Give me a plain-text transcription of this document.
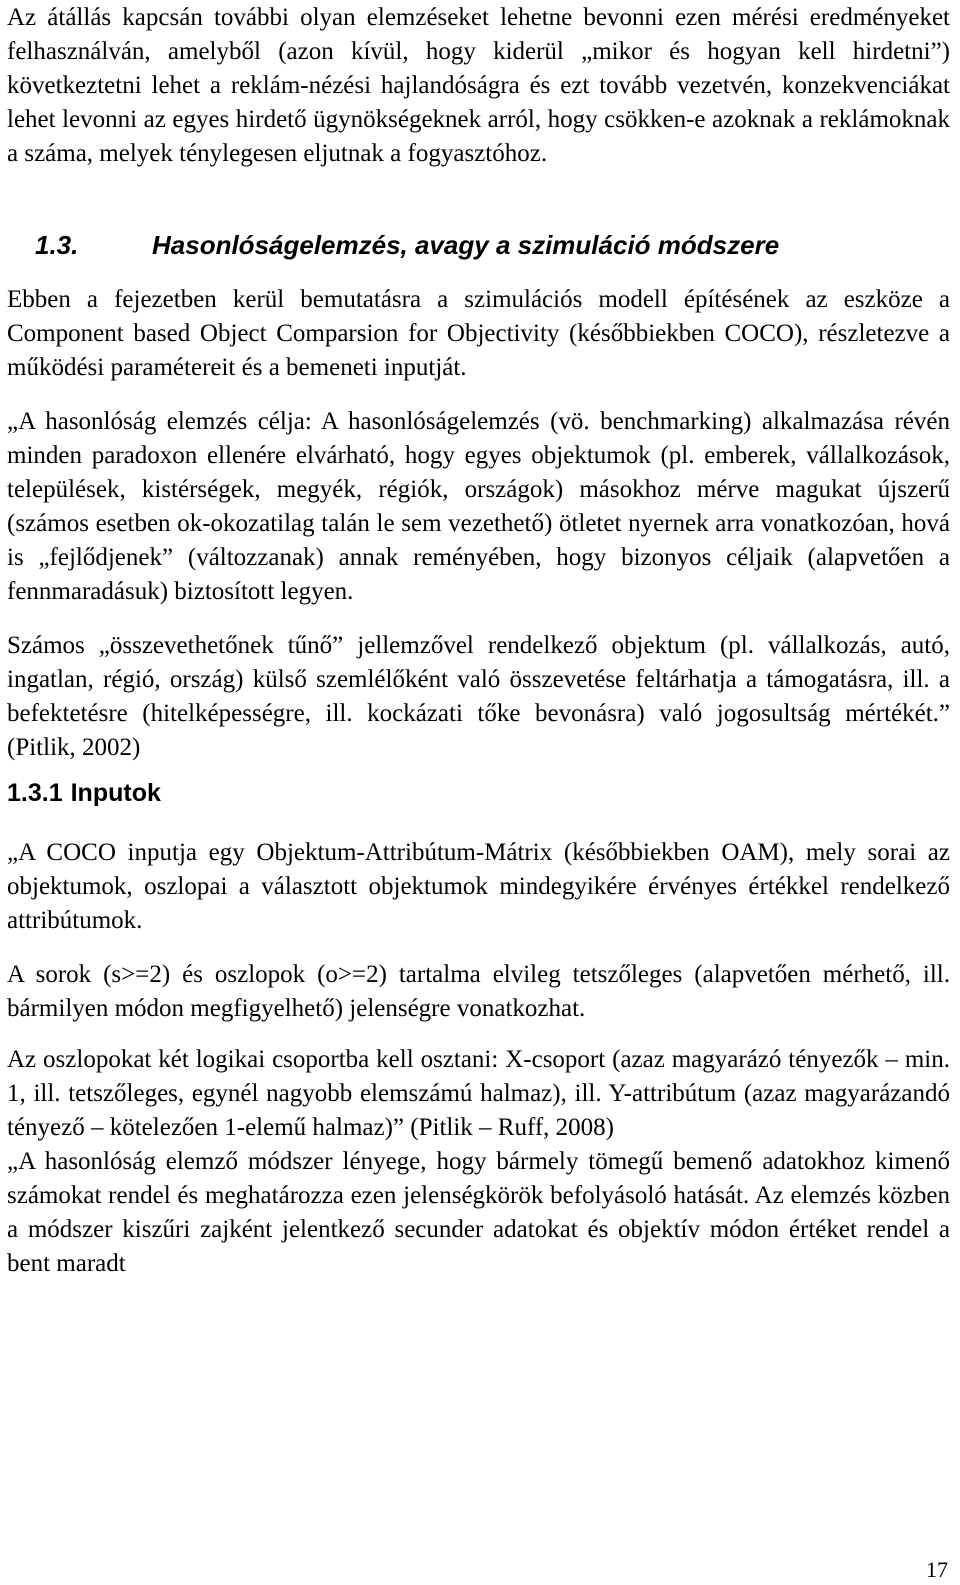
Az átállás kapcsán további olyan elemzéseket lehetne bevonni ezen mérési eredményeket felhasználván, amelyből (azon kívül, hogy kiderül „mikor és hogyan kell hirdetni”) következtetni lehet a reklám-nézési hajlandóságra és ezt tovább vezetvén, konzekvenciákat lehet levonni az egyes hirdető ügynökségeknek arról, hogy csökken-e azoknak a reklámoknak a száma, melyek ténylegesen eljutnak a fogyasztóhoz.

1.3.	Hasonlóságelemzés, avagy a szimuláció módszere

Ebben a fejezetben kerül bemutatásra a szimulációs modell építésének az eszköze a Component based Object Comparsion for Objectivity (későbbiekben COCO), részletezve a működési paramétereit és a bemeneti inputját.

„A hasonlóság elemzés célja: A hasonlóságelemzés (vö. benchmarking) alkalmazása révén minden paradoxon ellenére elvárható, hogy egyes objektumok (pl. emberek, vállalkozások, települések, kistérségek, megyék, régiók, országok) másokhoz mérve magukat újszerű (számos esetben ok-okozatilag talán le sem vezethető) ötletet nyernek arra vonatkozóan, hová is „fejlődjenek” (változzanak) annak reményében, hogy bizonyos céljaik (alapvetően a fennmaradásuk) biztosított legyen.

Számos „összevethetőnek tűnő” jellemzővel rendelkező objektum (pl. vállalkozás, autó, ingatlan, régió, ország) külső szemlélőként való összevetése feltárhatja a támogatásra, ill. a befektetésre (hitelképességre, ill. kockázati tőke bevonásra) való jogosultság mértékét.” (Pitlik, 2002)

1.3.1 Inputok

„A COCO inputja egy Objektum-Attribútum-Mátrix (későbbiekben OAM), mely sorai az objektumok, oszlopai a választott objektumok mindegyikére érvényes értékkel rendelkező attribútumok.

A sorok (s>=2) és oszlopok (o>=2) tartalma elvileg tetszőleges (alapvetően mérhető, ill. bármilyen módon megfigyelhető) jelenségre vonatkozhat.

Az oszlopokat két logikai csoportba kell osztani: X-csoport (azaz magyarázó tényezők – min. 1, ill. tetszőleges, egynél nagyobb elemszámú halmaz), ill. Y-attribútum (azaz magyarázandó tényező – kötelezően 1-elemű halmaz)” (Pitlik – Ruff, 2008)

„A hasonlóság elemző módszer lényege, hogy bármely tömegű bemenő adatokhoz kimenő számokat rendel és meghatározza ezen jelenségkörök befolyásoló hatását. Az elemzés közben a módszer kiszűri zajként jelentkező secunder adatokat és objektív módon értéket rendel a bent maradt

17
